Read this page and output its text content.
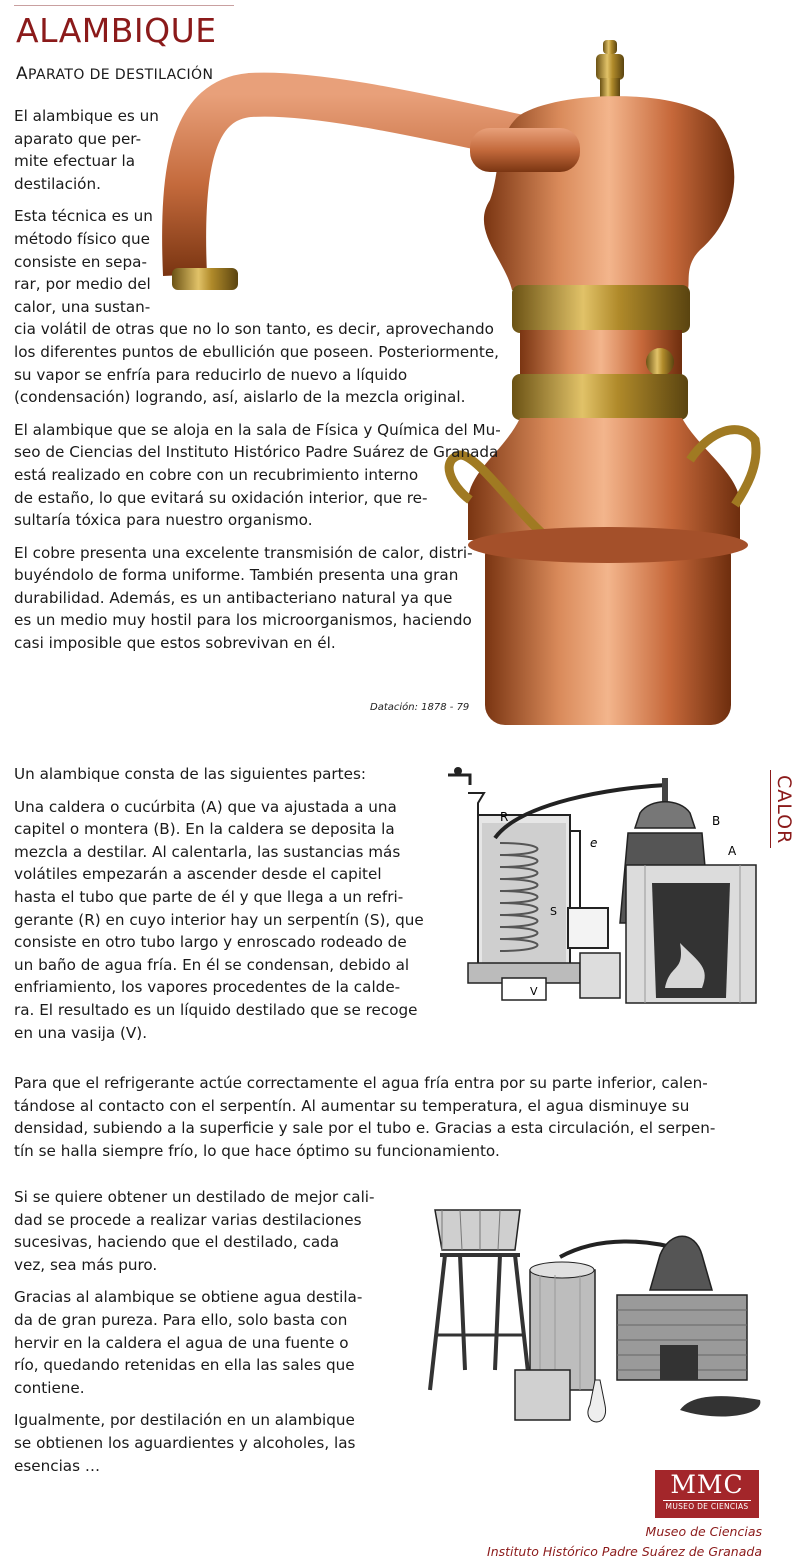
ALAMBIQUE
APARATO DE DESTILACIÓN

El alambique es un
aparato que per-
mite efectuar la
destilación.

Esta técnica es un
método físico que
consiste en sepa-
rar, por medio del
calor, una sustan-
cia volátil de otras que no lo son tanto, es decir, aprovechando
los diferentes puntos de ebullición que poseen. Posteriormente,
su vapor se enfría para reducirlo de nuevo a líquido
(condensación) logrando, así, aislarlo de la mezcla original.

El alambique que se aloja en la sala de Física y Química del Mu-
seo de Ciencias del Instituto Histórico Padre Suárez de Granada
está realizado en cobre con un recubrimiento interno
de estaño, lo que evitará su oxidación interior, que re-
sultaría tóxica para nuestro organismo.

El cobre presenta una excelente transmisión de calor, distri-
buyéndolo de forma uniforme. También presenta una gran
durabilidad. Además, es un antibacteriano natural ya que
es un medio muy hostil para los microorganismos, haciendo
casi imposible que estos sobrevivan en él.

Datación: 1878 - 79

Un alambique consta de las siguientes partes:

Una caldera o cucúrbita (A) que va ajustada a una
capitel o montera (B). En la caldera se deposita la
mezcla a destilar. Al calentarla, las sustancias más
volátiles empezarán a ascender desde el capitel
hasta el tubo que parte de él y que llega a un refri-
gerante (R) en cuyo interior hay un serpentín (S), que
consiste en otro tubo largo y enroscado rodeado de
un baño de agua fría. En él se condensan, debido al
enfriamiento, los vapores procedentes de la calde-
ra. El resultado es un líquido destilado que se recoge
en una vasija (V).

R
e
S
V
B
A
CALOR

Para que el refrigerante actúe correctamente el agua fría entra por su parte inferior, calen-
tándose al contacto con el serpentín. Al aumentar su temperatura, el agua disminuye su
densidad, subiendo a la superficie y sale por el tubo e. Gracias a esta circulación, el serpen-
tín se halla siempre frío, lo que hace óptimo su funcionamiento.

Si se quiere obtener un destilado de mejor cali-
dad se procede a realizar varias destilaciones
sucesivas, haciendo que el destilado, cada
vez, sea más puro.

Gracias al alambique se obtiene agua destila-
da de gran pureza. Para ello, solo basta con
hervir en la caldera el agua de una fuente o
río, quedando retenidas en ella las sales que
contiene.

Igualmente, por destilación en un alambique
se obtienen los aguardientes y alcoholes, las
esencias …

MMC
MUSEO DE CIENCIAS
Museo de Ciencias
Instituto Histórico Padre Suárez de Granada
